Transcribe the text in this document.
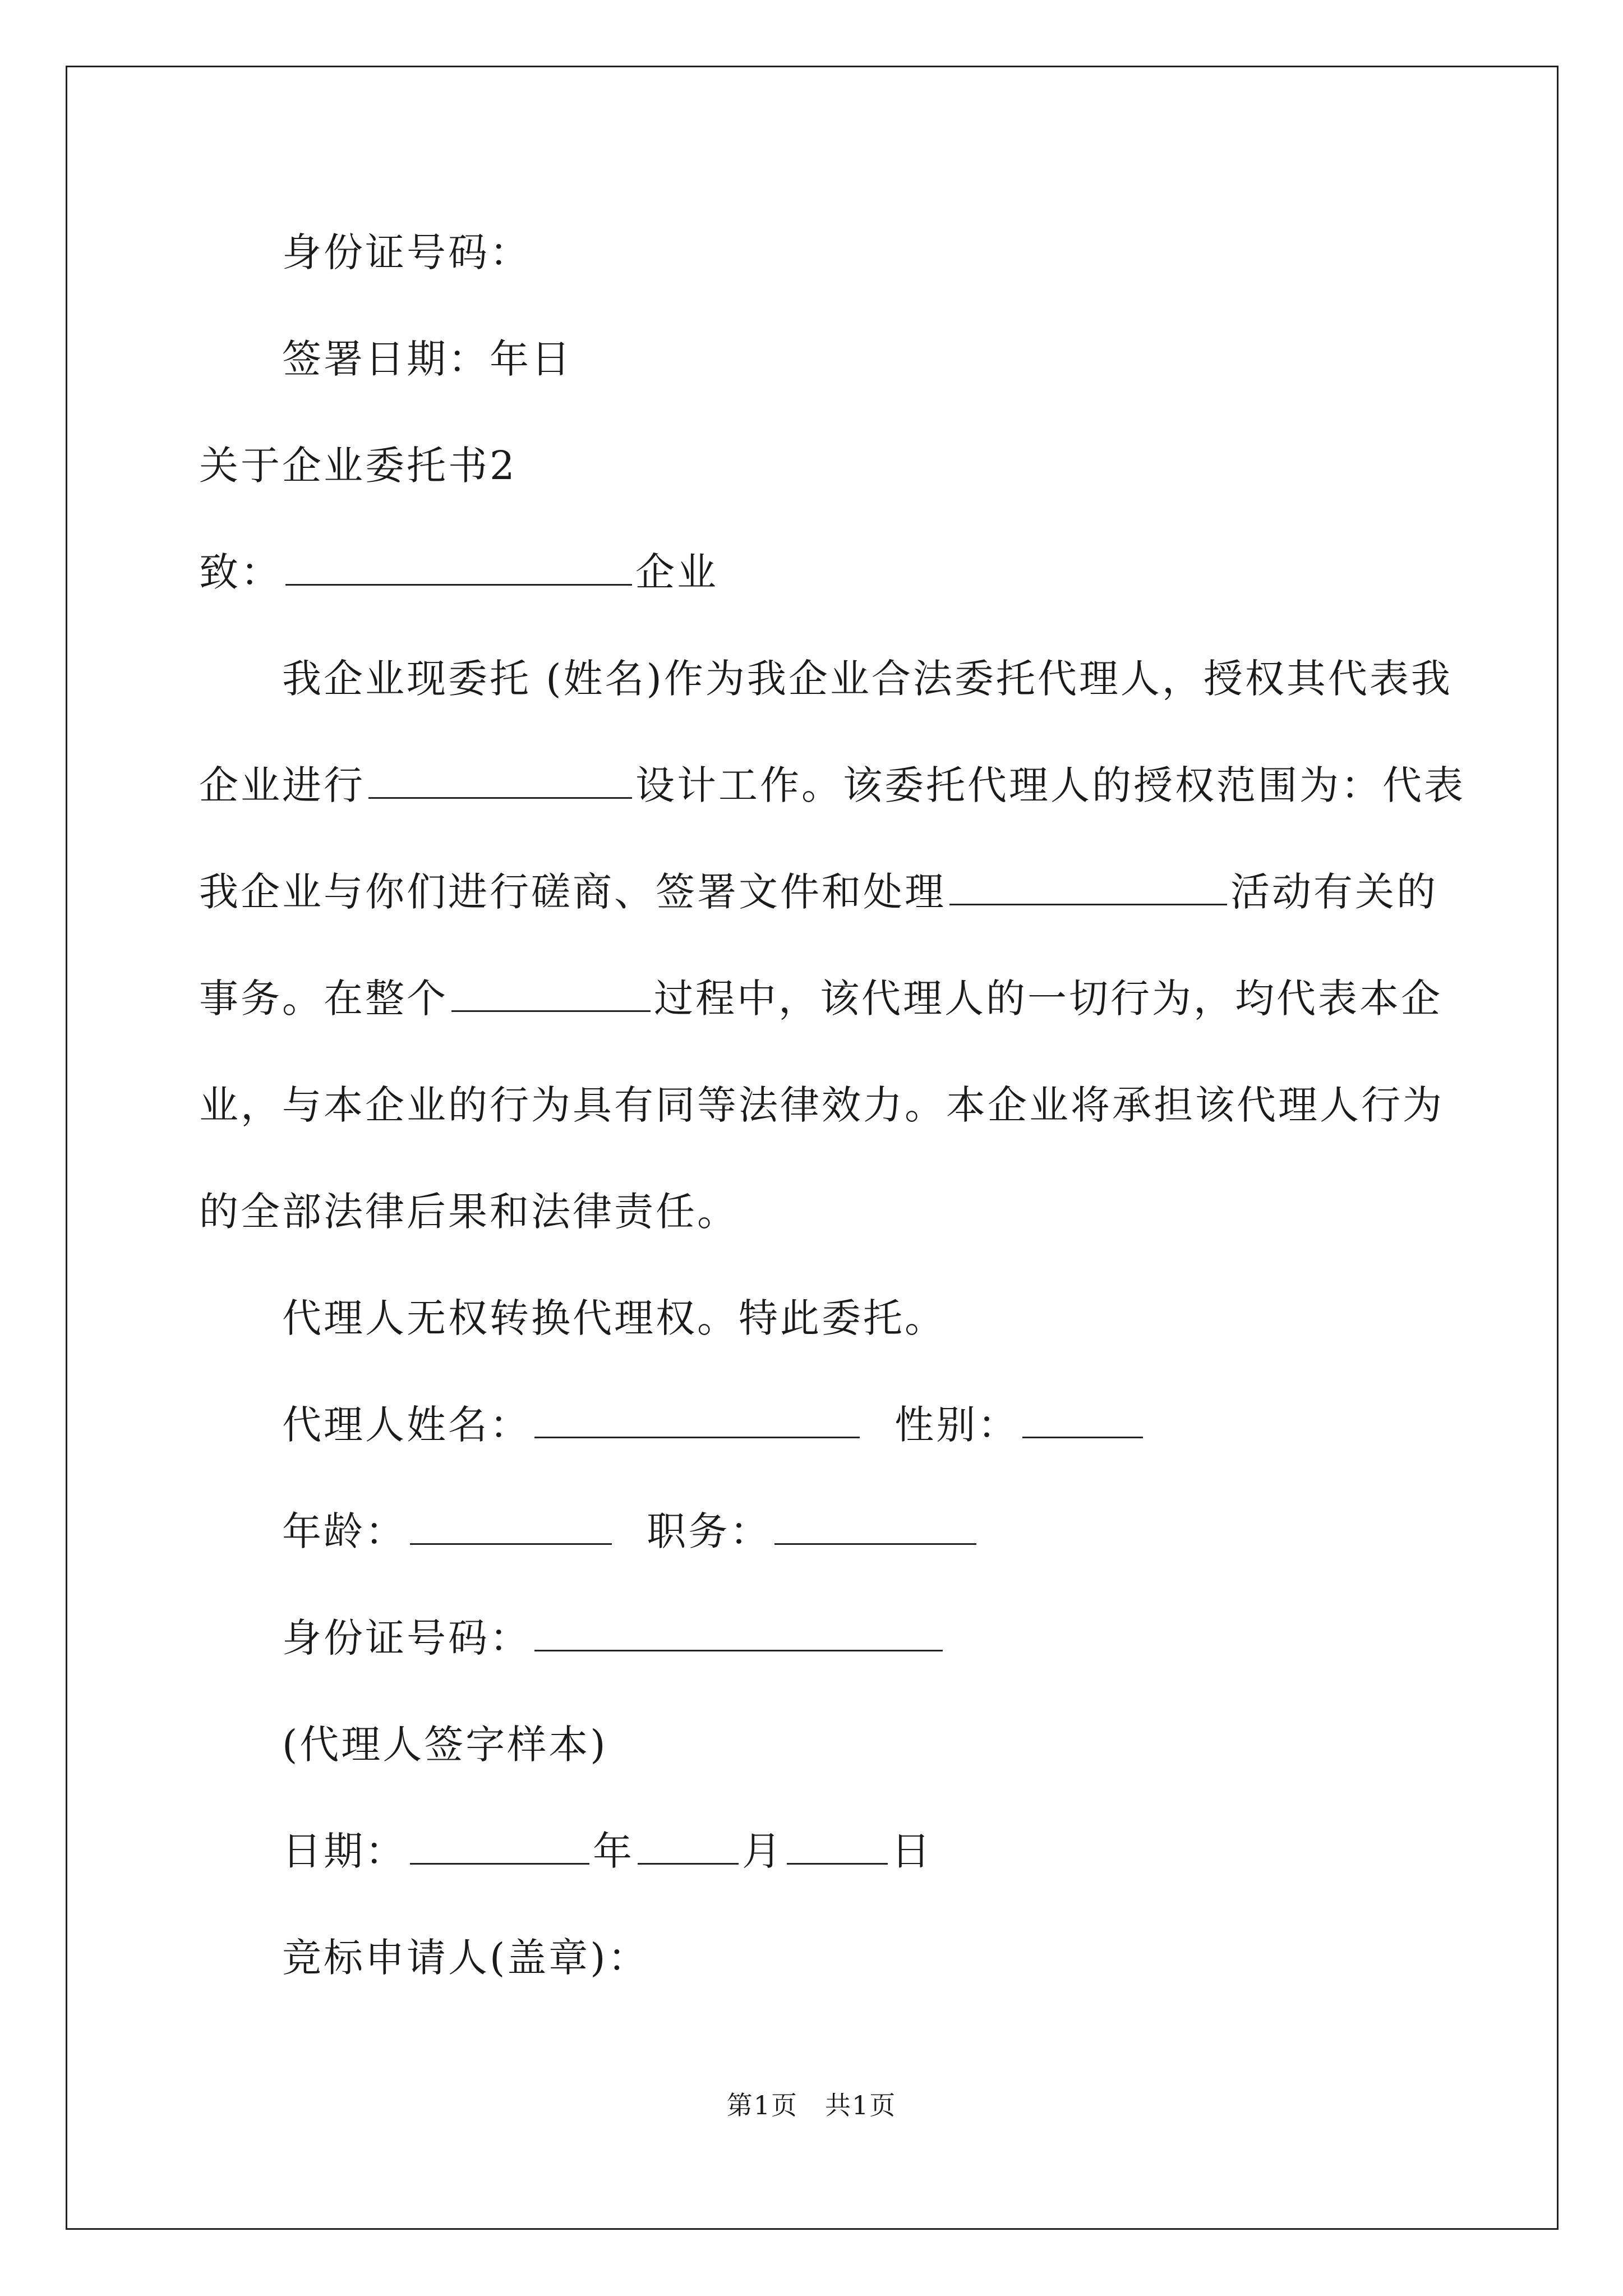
身份证号码：
签署日期：年日
关于企业委托书2
致：	企业
我企业现委托 (姓名)作为我企业合法委托代理人，授权其代表我
企业进行	设计工作。该委托代理人的授权范围为：代表
我企业与你们进行磋商、签署文件和处理	活动有关的
事务。在整个	过程中，该代理人的一切行为，均代表本企
业，与本企业的行为具有同等法律效力。本企业将承担该代理人行为
的全部法律后果和法律责任。
代理人无权转换代理权。特此委托。
代理人姓名：	性别：
年龄：	职务：
身份证号码：
(代理人签字样本)
日期：	年	月	日
竞标申请人(盖章)：
第1页　共1页
